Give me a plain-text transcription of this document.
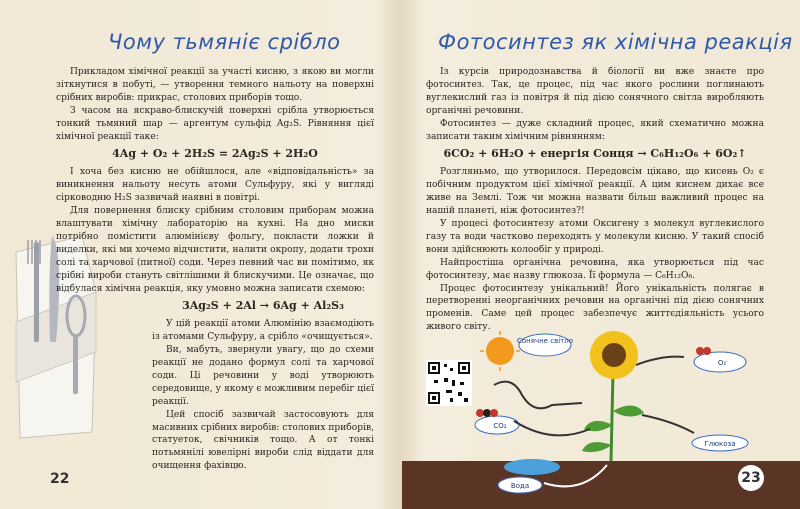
Чому тьмяніє срібло

Прикладом хімічної реакції за участі кисню, з якою ви могли зіткнутися в побуті, — утворення темного нальоту на поверхні срібних виробів: прикрас, столових приборів тощо.

З часом на яскраво-блискучій поверхні срібла утворюється тонкий тьмяний шар — аргентум сульфід Ag₂S. Рівняння цієї хімічної реакції таке:

4Ag + O₂ + 2H₂S = 2Ag₂S + 2H₂O

І хоча без кисню не обійшлося, але «відповідальність» за виникнення нальоту несуть атоми Сульфуру, які у вигляді сірководню H₂S зазвичай наявні в повітрі.

Для повернення блиску срібним столовим приборам можна влаштувати хімічну лабораторію на кухні. На дно миски потрібно помістити алюмінієву фольгу, покласти ложки й виделки, які ми хочемо відчистити, налити окропу, додати трохи солі та харчової (питної) соди. Через певний час ви помітимо, як срібні вироби стануть світлішими й блискучими. Це означає, що відбулася хімічна реакція, яку умовно можна записати схемою:

3Ag₂S + 2Al → 6Ag + Al₂S₃

У цій реакції атоми Алюмінію взаємодіють із атомами Сульфуру, а срібло «очищується».

Ви, мабуть, звернули увагу, що до схеми реакції не додано формул солі та харчової соди. Ці речовини у воді утворюють середовище, у якому є можливим перебіг цієї реакції.

Цей спосіб зазвичай застосовують для масивних срібних виробів: столових приборів, статуеток, свічників тощо. А от тонкі потьмянілі ювелірні вироби слід віддати для очищення фахівцю.

22
Фотосинтез як хімічна реакція

Із курсів природознавства й біології ви вже знаєте про фотосинтез. Так, це процес, під час якого рослини поглинають вуглекислий газ із повітря й під дією сонячного світла виробляють органічні речовини.

Фотосинтез — дуже складний процес, який схематично можна записати таким хімічним рівнянням:

6CO₂ + 6H₂O + енергія Сонця → C₆H₁₂O₆ + 6O₂↑

Розгляньмо, що утворилося. Передовсім цікаво, що кисень O₂ є побічним продуктом цієї хімічної реакції. А цим киснем дихає все живе на Землі. Тож чи можна назвати більш важливий процес на нашій планеті, ніж фотосинтез?!

У процесі фотосинтезу атоми Оксигену з молекул вуглекислого газу та води частково переходять у молекули кисню. У такий спосіб вони здійснюють колообіг у природі.

Найпростіша органічна речовина, яка утворюється під час фотосинтезу, має назву глюкоза. Її формула — C₆H₁₂O₆.

Процес фотосинтезу унікальний! Його унікальність полягає в перетворенні неорганічних речовин на органічні під дією сонячних променів. Саме цей процес забезпечує життєдіяльність усього живого світу.

Сонячне світло
O₂
CO₂
Глюкоза
Вода	23
